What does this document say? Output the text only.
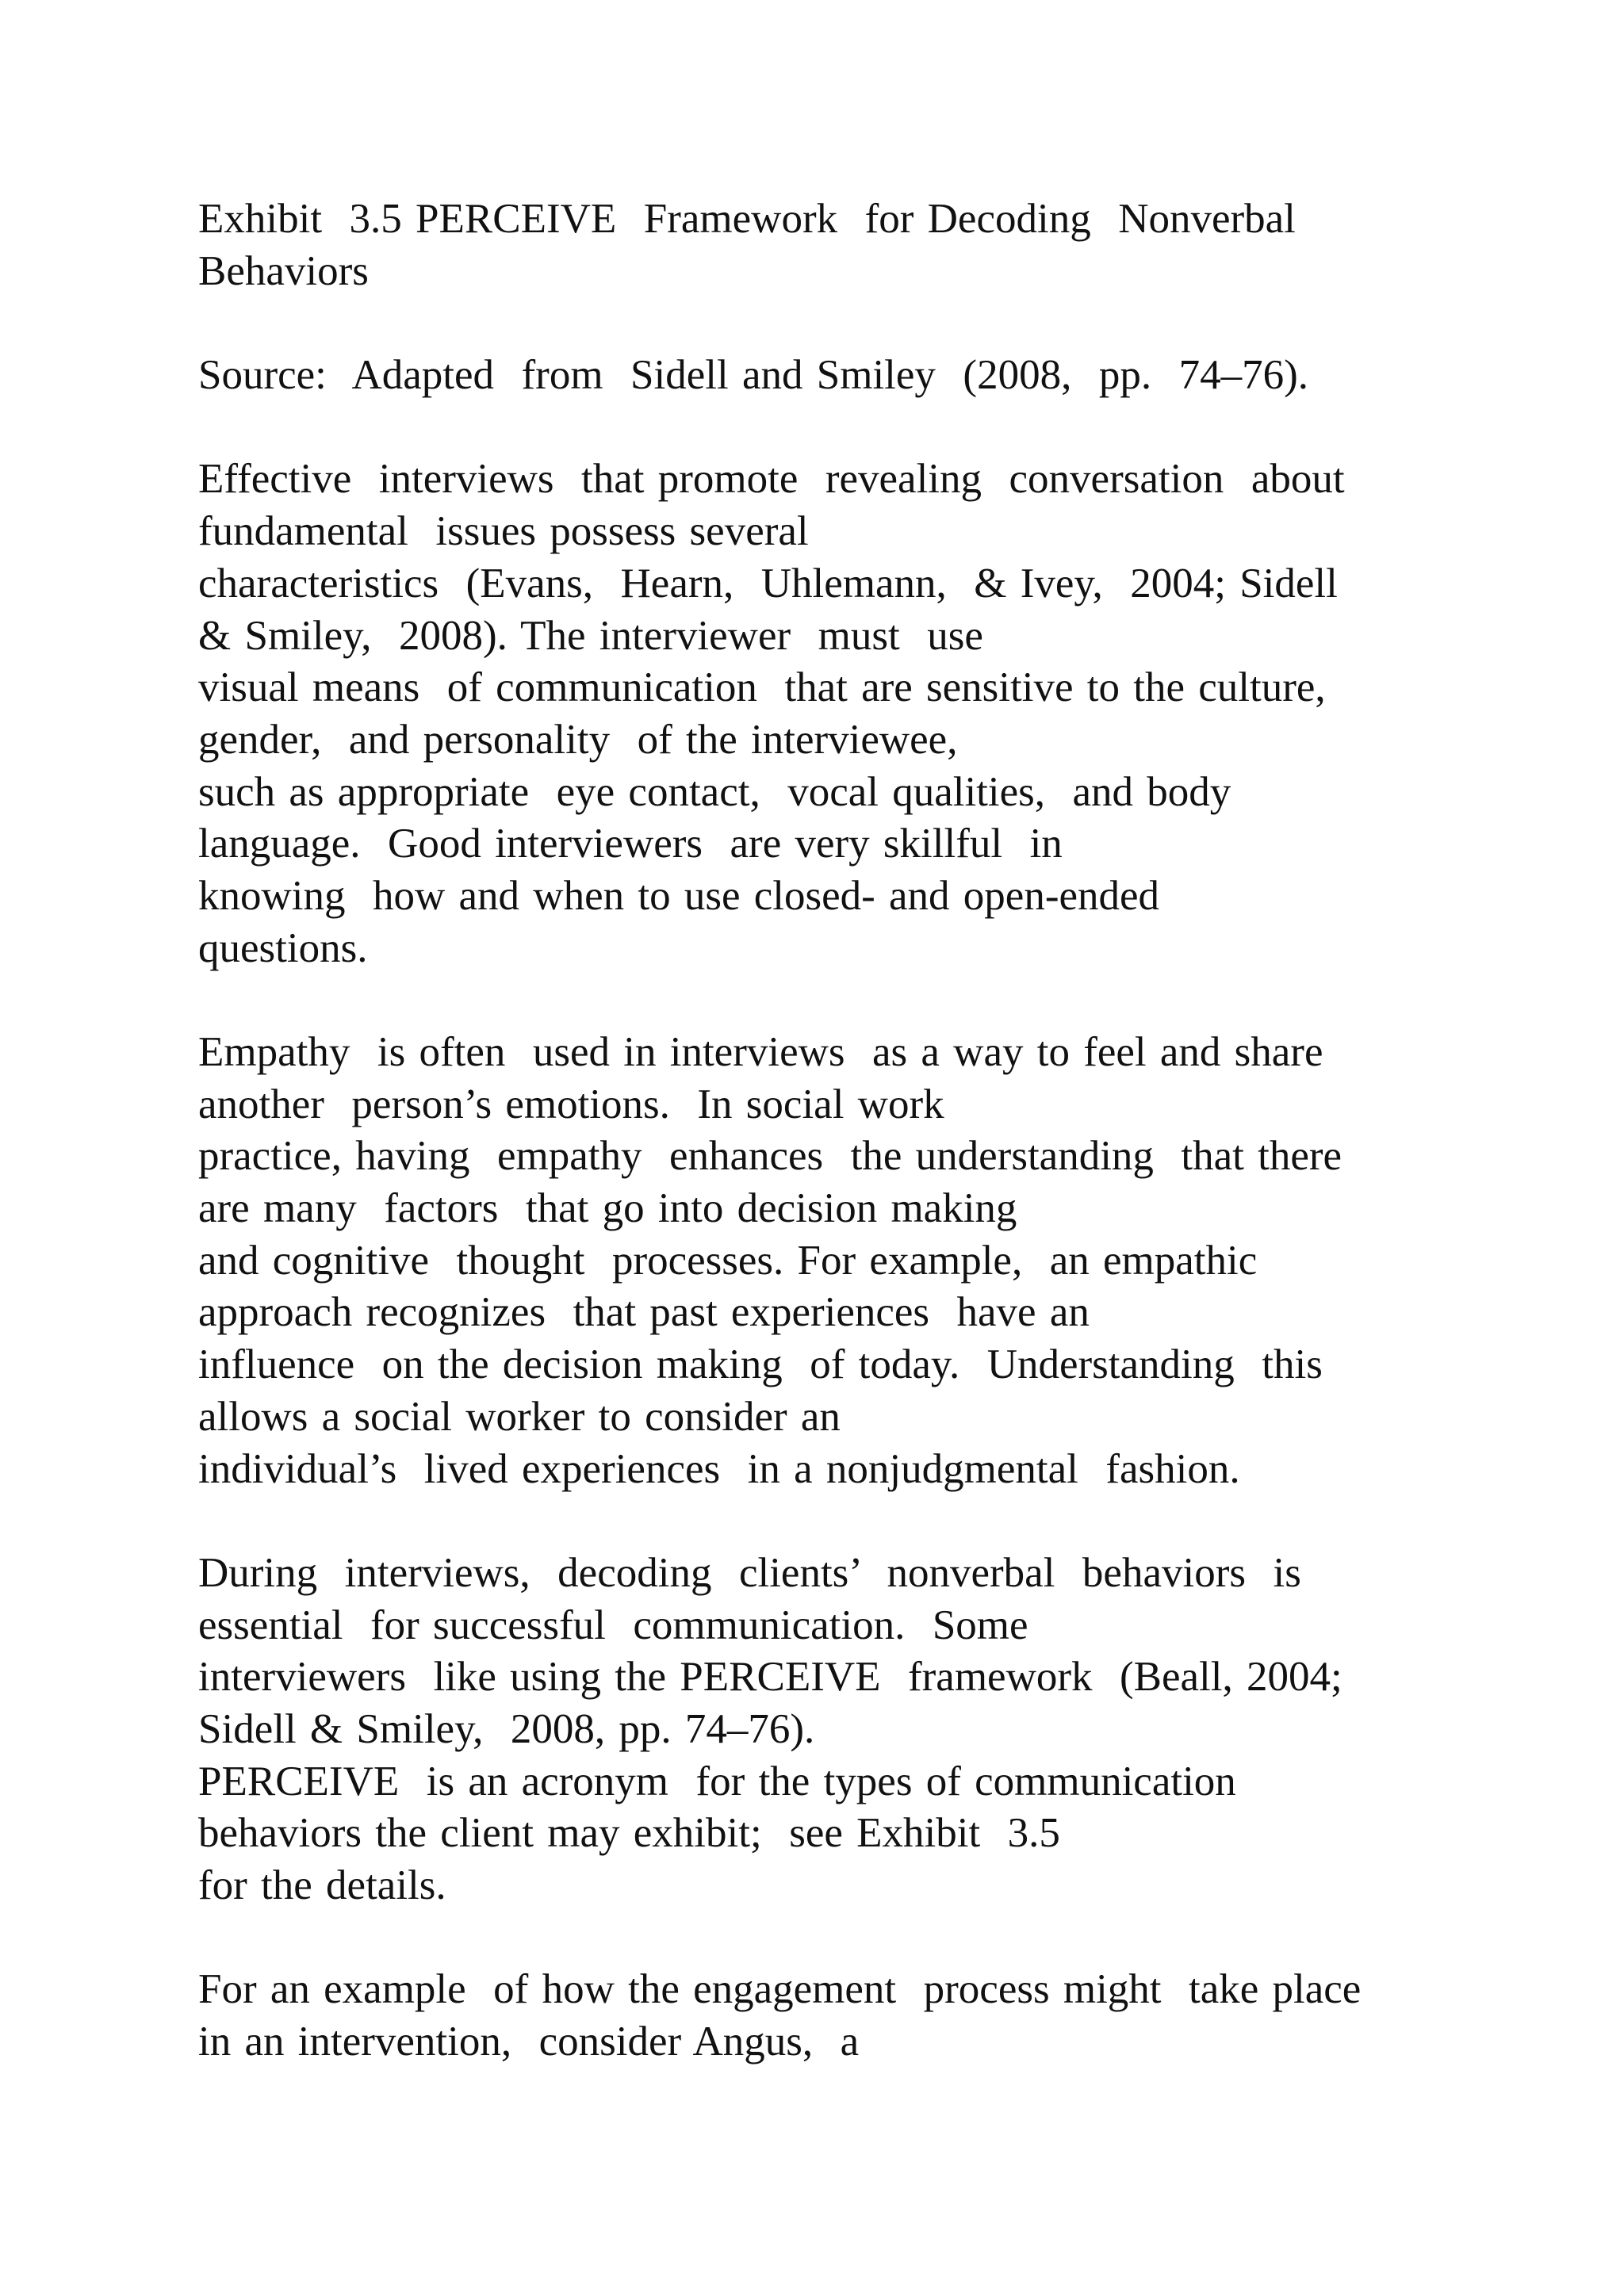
Exhibit  3.5 PERCEIVE  Framework  for Decoding  Nonverbal
Behaviors
Source:  Adapted  from  Sidell and Smiley  (2008,  pp.  74–76).
Effective  interviews  that promote  revealing  conversation  about
fundamental  issues possess several
characteristics  (Evans,  Hearn,  Uhlemann,  & Ivey,  2004; Sidell
& Smiley,  2008). The interviewer  must  use
visual means  of communication  that are sensitive to the culture,
gender,  and personality  of the interviewee,
such as appropriate  eye contact,  vocal qualities,  and body
language.  Good interviewers  are very skillful  in
knowing  how and when to use closed- and open-ended
questions.
Empathy  is often  used in interviews  as a way to feel and share
another  person’s emotions.  In social work
practice, having  empathy  enhances  the understanding  that there
are many  factors  that go into decision making
and cognitive  thought  processes. For example,  an empathic
approach recognizes  that past experiences  have an
influence  on the decision making  of today.  Understanding  this
allows a social worker to consider an
individual’s  lived experiences  in a nonjudgmental  fashion.
During  interviews,  decoding  clients’  nonverbal  behaviors  is
essential  for successful  communication.  Some
interviewers  like using the PERCEIVE  framework  (Beall, 2004;
Sidell & Smiley,  2008, pp. 74–76).
PERCEIVE  is an acronym  for the types of communication
behaviors the client may exhibit;  see Exhibit  3.5
for the details.
For an example  of how the engagement  process might  take place
in an intervention,  consider Angus,  a
